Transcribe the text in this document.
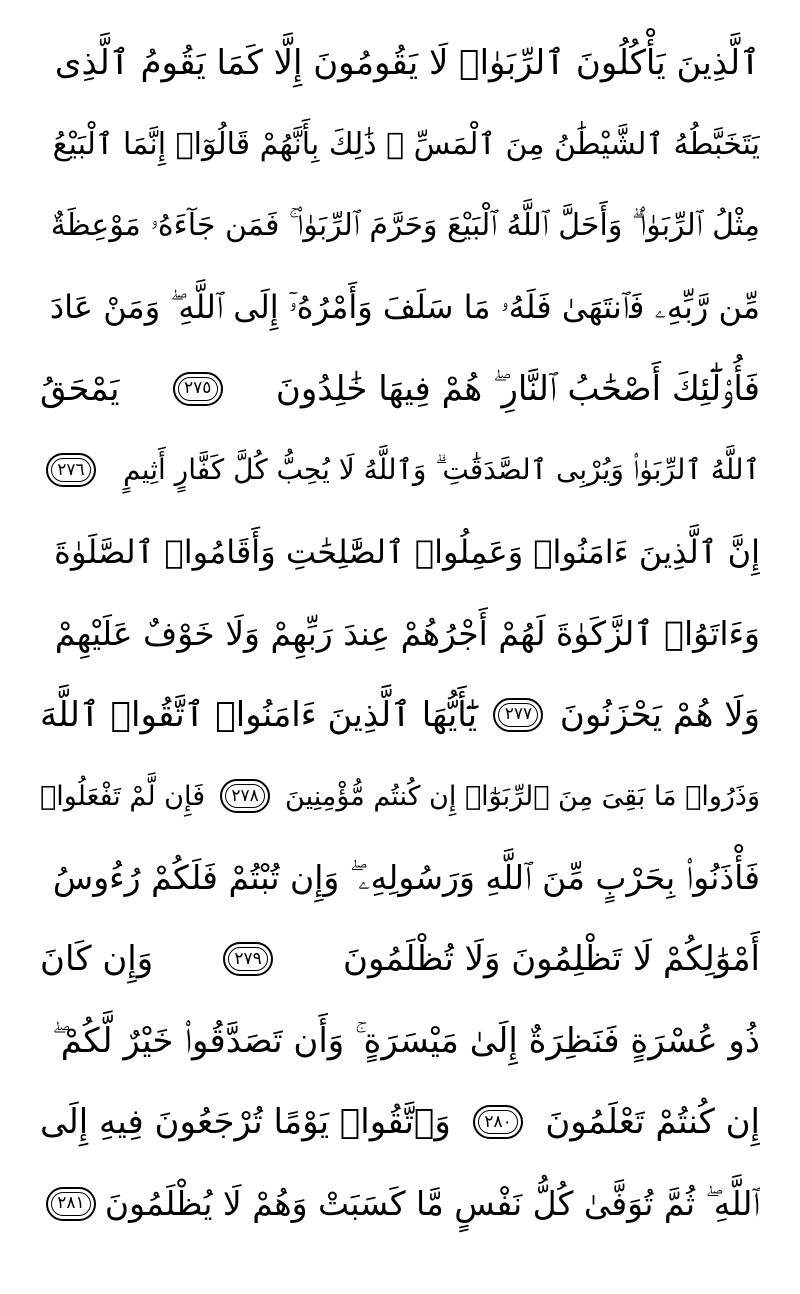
ٱلَّذِينَ يَأْكُلُونَ ٱلرِّبَوٰا۟ لَا يَقُومُونَ إِلَّا كَمَا يَقُومُ ٱلَّذِى
يَتَخَبَّطُهُ ٱلشَّيْطَٰنُ مِنَ ٱلْمَسِّ ۚ ذَٰلِكَ بِأَنَّهُمْ قَالُوٓا۟ إِنَّمَا ٱلْبَيْعُ
مِثْلُ ٱلرِّبَوٰا۟ ۗ وَأَحَلَّ ٱللَّهُ ٱلْبَيْعَ وَحَرَّمَ ٱلرِّبَوٰا۟ ۚ فَمَن جَآءَهُۥ مَوْعِظَةٌ
مِّن رَّبِّهِۦ فَٱنتَهَىٰ فَلَهُۥ مَا سَلَفَ وَأَمْرُهُۥٓ إِلَى ٱللَّهِ ۖ وَمَنْ عَادَ
فَأُو۟لَٰٓئِكَ أَصْحَٰبُ ٱلنَّارِ ۖ هُمْ فِيهَا خَٰلِدُونَ
٢٧٥
يَمْحَقُ
ٱللَّهُ ٱلرِّبَوٰا۟ وَيُرْبِى ٱلصَّدَقَٰتِ ۗ وَٱللَّهُ لَا يُحِبُّ كُلَّ كَفَّارٍ أَثِيمٍ
٢٧٦
إِنَّ ٱلَّذِينَ ءَامَنُوا۟ وَعَمِلُوا۟ ٱلصَّٰلِحَٰتِ وَأَقَامُوا۟ ٱلصَّلَوٰةَ
وَءَاتَوُا۟ ٱلزَّكَوٰةَ لَهُمْ أَجْرُهُمْ عِندَ رَبِّهِمْ وَلَا خَوْفٌ عَلَيْهِمْ
وَلَا هُمْ يَحْزَنُونَ
٢٧٧
يَٰٓأَيُّهَا ٱلَّذِينَ ءَامَنُوا۟ ٱتَّقُوا۟ ٱللَّهَ
وَذَرُوا۟ مَا بَقِىَ مِنَ ٱلرِّبَوٰٓا۟ إِن كُنتُم مُّؤْمِنِينَ
٢٧٨
فَإِن لَّمْ تَفْعَلُوا۟
فَأْذَنُوا۟ بِحَرْبٍ مِّنَ ٱللَّهِ وَرَسُولِهِۦ ۖ وَإِن تُبْتُمْ فَلَكُمْ رُءُوسُ
أَمْوَٰلِكُمْ لَا تَظْلِمُونَ وَلَا تُظْلَمُونَ
٢٧٩
وَإِن كَانَ
ذُو عُسْرَةٍ فَنَظِرَةٌ إِلَىٰ مَيْسَرَةٍ ۚ وَأَن تَصَدَّقُوا۟ خَيْرٌ لَّكُمْ ۖ
إِن كُنتُمْ تَعْلَمُونَ
٢٨٠
وَٱتَّقُوا۟ يَوْمًا تُرْجَعُونَ فِيهِ إِلَى
ٱللَّهِ ۖ ثُمَّ تُوَفَّىٰ كُلُّ نَفْسٍ مَّا كَسَبَتْ وَهُمْ لَا يُظْلَمُونَ
٢٨١
